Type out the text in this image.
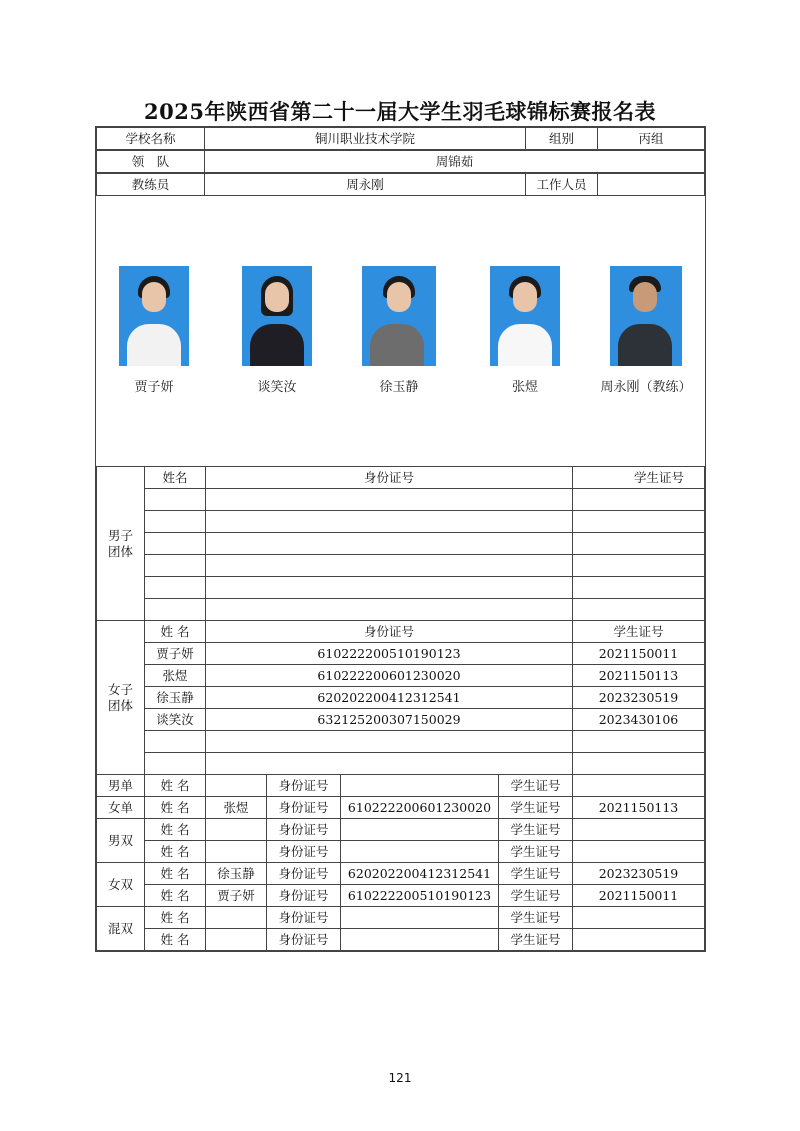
2025年陕西省第二十一届大学生羽毛球锦标赛报名表
学校名称	铜川职业技术学院	组别	丙组
领　队	周锦茹
教练员	周永刚	工作人员	
贾子妍	谈笑汝	徐玉静	张煜	周永刚（教练）
男子团体	姓名	身份证号	学生证号

女子团体	姓 名	身份证号	学生证号
	贾子妍	610222200510190123	2021150011
	张煜	610222200601230020	2021150113
	徐玉静	620202200412312541	2023230519
	谈笑汝	632125200307150029	2023430106

男单	姓 名		身份证号		学生证号	
女单	姓 名	张煜	身份证号	610222200601230020	学生证号	2021150113
男双	姓 名		身份证号		学生证号	
	姓 名		身份证号		学生证号	
女双	姓 名	徐玉静	身份证号	620202200412312541	学生证号	2023230519
	姓 名	贾子妍	身份证号	610222200510190123	学生证号	2021150011
混双	姓 名		身份证号		学生证号	
	姓 名		身份证号		学生证号	
121
